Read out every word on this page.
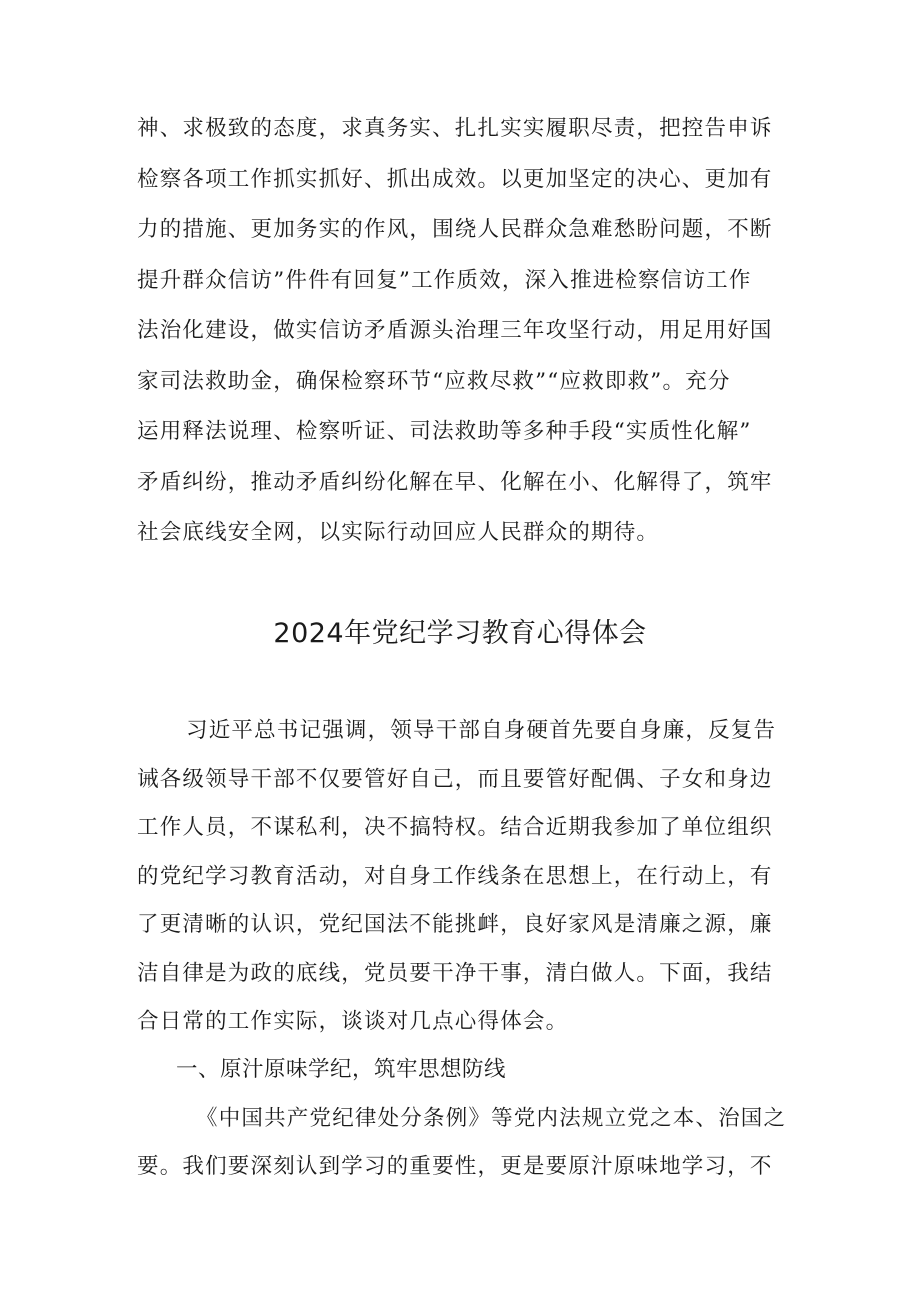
神、求极致的态度，求真务实、扎扎实实履职尽责，把控告申诉
检察各项工作抓实抓好、抓出成效。以更加坚定的决心、更加有
力的措施、更加务实的作风，围绕人民群众急难愁盼问题，不断
提升群众信访”件件有回复”工作质效，深入推进检察信访工作
法治化建设，做实信访矛盾源头治理三年攻坚行动，用足用好国
家司法救助金，确保检察环节“应救尽救”“应救即救”。充分
运用释法说理、检察听证、司法救助等多种手段“实质性化解”
矛盾纠纷，推动矛盾纠纷化解在早、化解在小、化解得了，筑牢
社会底线安全网，以实际行动回应人民群众的期待。
2024年党纪学习教育心得体会
习近平总书记强调，领导干部自身硬首先要自身廉，反复告
诫各级领导干部不仅要管好自己，而且要管好配偶、子女和身边
工作人员，不谋私利，决不搞特权。结合近期我参加了单位组织
的党纪学习教育活动，对自身工作线条在思想上，在行动上，有
了更清晰的认识，党纪国法不能挑衅，良好家风是清廉之源，廉
洁自律是为政的底线，党员要干净干事，清白做人。下面，我结
合日常的工作实际，谈谈对几点心得体会。
一、原汁原味学纪，筑牢思想防线
《中国共产党纪律处分条例》等党内法规立党之本、治国之
要。我们要深刻认到学习的重要性，更是要原汁原味地学习，不
